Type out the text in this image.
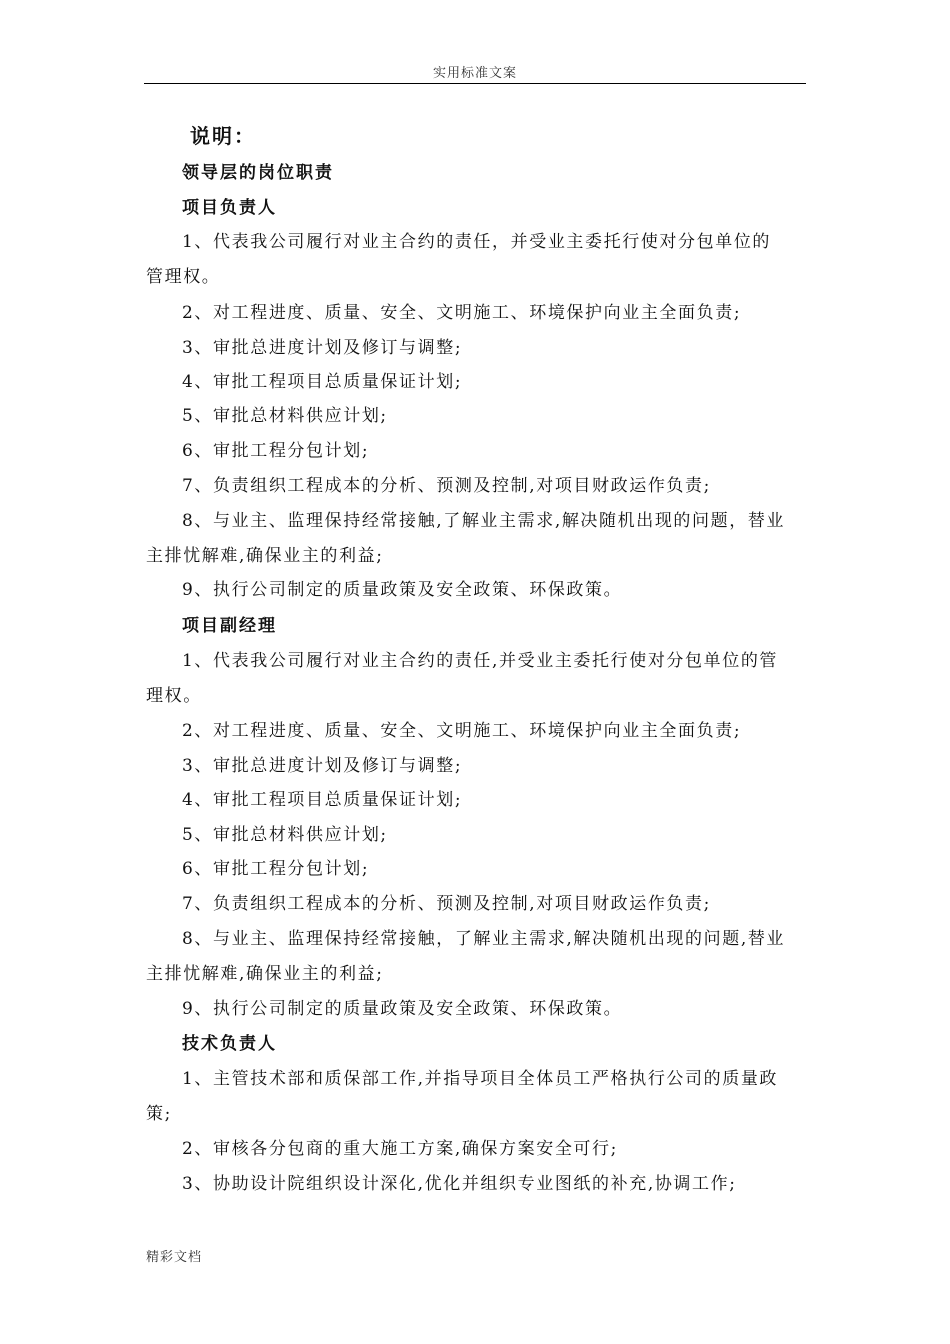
实用标准文案
说明：
领导层的岗位职责
项目负责人
1、代表我公司履行对业主合约的责任，并受业主委托行使对分包单位的
管理权。
2、对工程进度、质量、安全、文明施工、环境保护向业主全面负责;
3、审批总进度计划及修订与调整;
4、审批工程项目总质量保证计划;
5、审批总材料供应计划;
6、审批工程分包计划;
7、负责组织工程成本的分析、预测及控制,对项目财政运作负责;
8、与业主、监理保持经常接触,了解业主需求,解决随机出现的问题，替业
主排忧解难,确保业主的利益;
9、执行公司制定的质量政策及安全政策、环保政策。
项目副经理
1、代表我公司履行对业主合约的责任,并受业主委托行使对分包单位的管
理权。
2、对工程进度、质量、安全、文明施工、环境保护向业主全面负责;
3、审批总进度计划及修订与调整;
4、审批工程项目总质量保证计划;
5、审批总材料供应计划;
6、审批工程分包计划;
7、负责组织工程成本的分析、预测及控制,对项目财政运作负责;
8、与业主、监理保持经常接触，了解业主需求,解决随机出现的问题,替业
主排忧解难,确保业主的利益;
9、执行公司制定的质量政策及安全政策、环保政策。
技术负责人
1、主管技术部和质保部工作,并指导项目全体员工严格执行公司的质量政
策;
2、审核各分包商的重大施工方案,确保方案安全可行;
3、协助设计院组织设计深化,优化并组织专业图纸的补充,协调工作;
精彩文档
